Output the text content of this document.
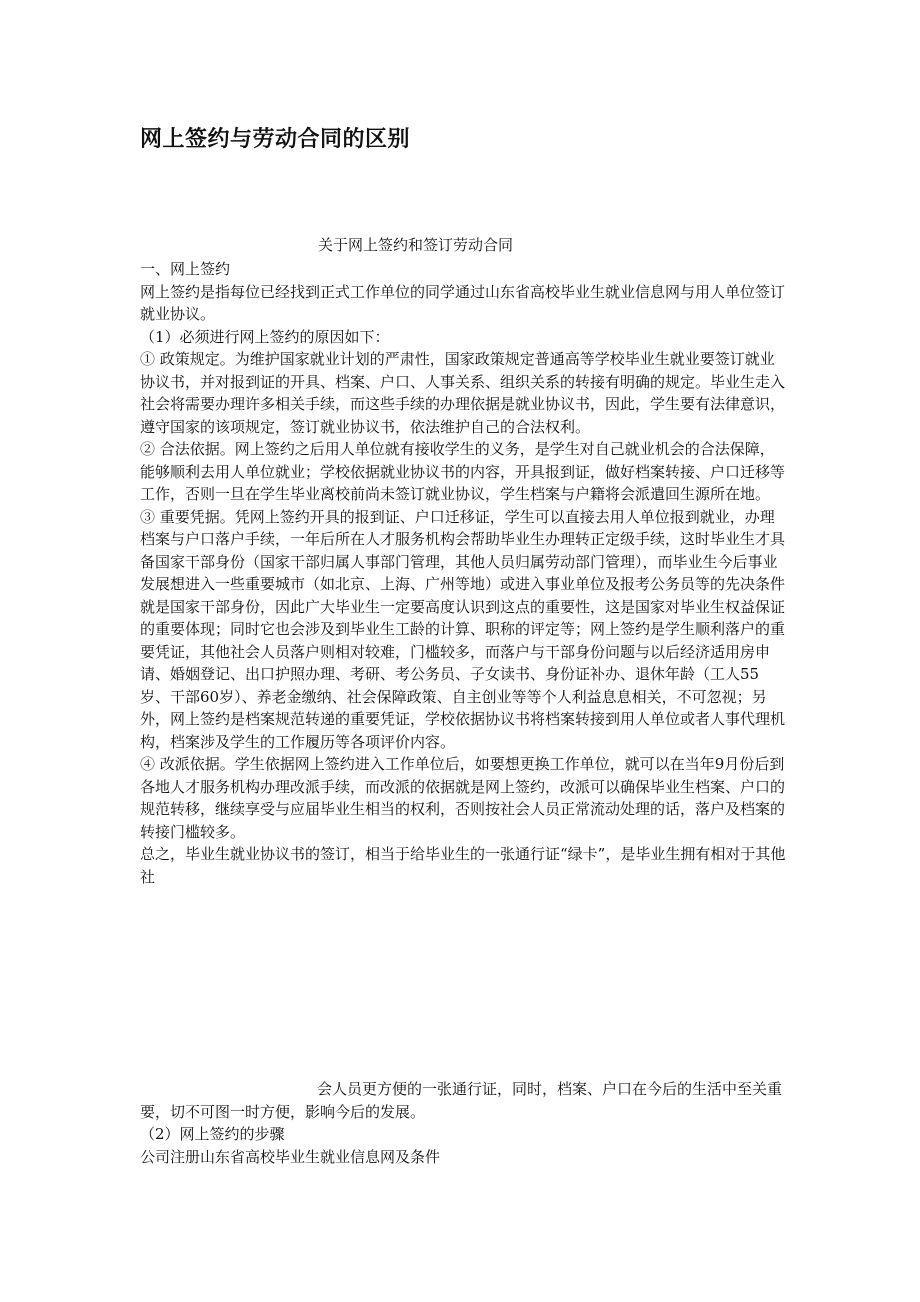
网上签约与劳动合同的区别
关于网上签约和签订劳动合同

一、网上签约

网上签约是指每位已经找到正式工作单位的同学通过山东省高校毕业生就业信息网与用人单位签订就业协议。

（1）必须进行网上签约的原因如下：

① 政策规定。为维护国家就业计划的严肃性，国家政策规定普通高等学校毕业生就业要签订就业协议书，并对报到证的开具、档案、户口、人事关系、组织关系的转接有明确的规定。毕业生走入社会将需要办理许多相关手续，而这些手续的办理依据是就业协议书，因此，学生要有法律意识，遵守国家的该项规定，签订就业协议书，依法维护自己的合法权利。

② 合法依据。网上签约之后用人单位就有接收学生的义务，是学生对自己就业机会的合法保障，能够顺利去用人单位就业；学校依据就业协议书的内容，开具报到证，做好档案转接、户口迁移等工作，否则一旦在学生毕业离校前尚未签订就业协议，学生档案与户籍将会派遣回生源所在地。

③ 重要凭据。凭网上签约开具的报到证、户口迁移证，学生可以直接去用人单位报到就业，办理档案与户口落户手续，一年后所在人才服务机构会帮助毕业生办理转正定级手续，这时毕业生才具备国家干部身份（国家干部归属人事部门管理，其他人员归属劳动部门管理），而毕业生今后事业发展想进入一些重要城市（如北京、上海、广州等地）或进入事业单位及报考公务员等的先决条件就是国家干部身份，因此广大毕业生一定要高度认识到这点的重要性，这是国家对毕业生权益保证的重要体现；同时它也会涉及到毕业生工龄的计算、职称的评定等；网上签约是学生顺利落户的重要凭证，其他社会人员落户则相对较难，门槛较多，而落户与干部身份问题与以后经济适用房申请、婚姻登记、出口护照办理、考研、考公务员、子女读书、身份证补办、退休年龄（工人55岁、干部60岁）、养老金缴纳、社会保障政策、自主创业等等个人利益息息相关，不可忽视；另外，网上签约是档案规范转递的重要凭证，学校依据协议书将档案转接到用人单位或者人事代理机构，档案涉及学生的工作履历等各项评价内容。

④ 改派依据。学生依据网上签约进入工作单位后，如要想更换工作单位，就可以在当年9月份后到各地人才服务机构办理改派手续，而改派的依据就是网上签约，改派可以确保毕业生档案、户口的规范转移，继续享受与应届毕业生相当的权利，否则按社会人员正常流动处理的话，落户及档案的转接门槛较多。

总之，毕业生就业协议书的签订，相当于给毕业生的一张通行证“绿卡”，是毕业生拥有相对于其他社

会人员更方便的一张通行证，同时，档案、户口在今后的生活中至关重要，切不可图一时方便，影响今后的发展。

（2）网上签约的步骤

公司注册山东省高校毕业生就业信息网及条件
